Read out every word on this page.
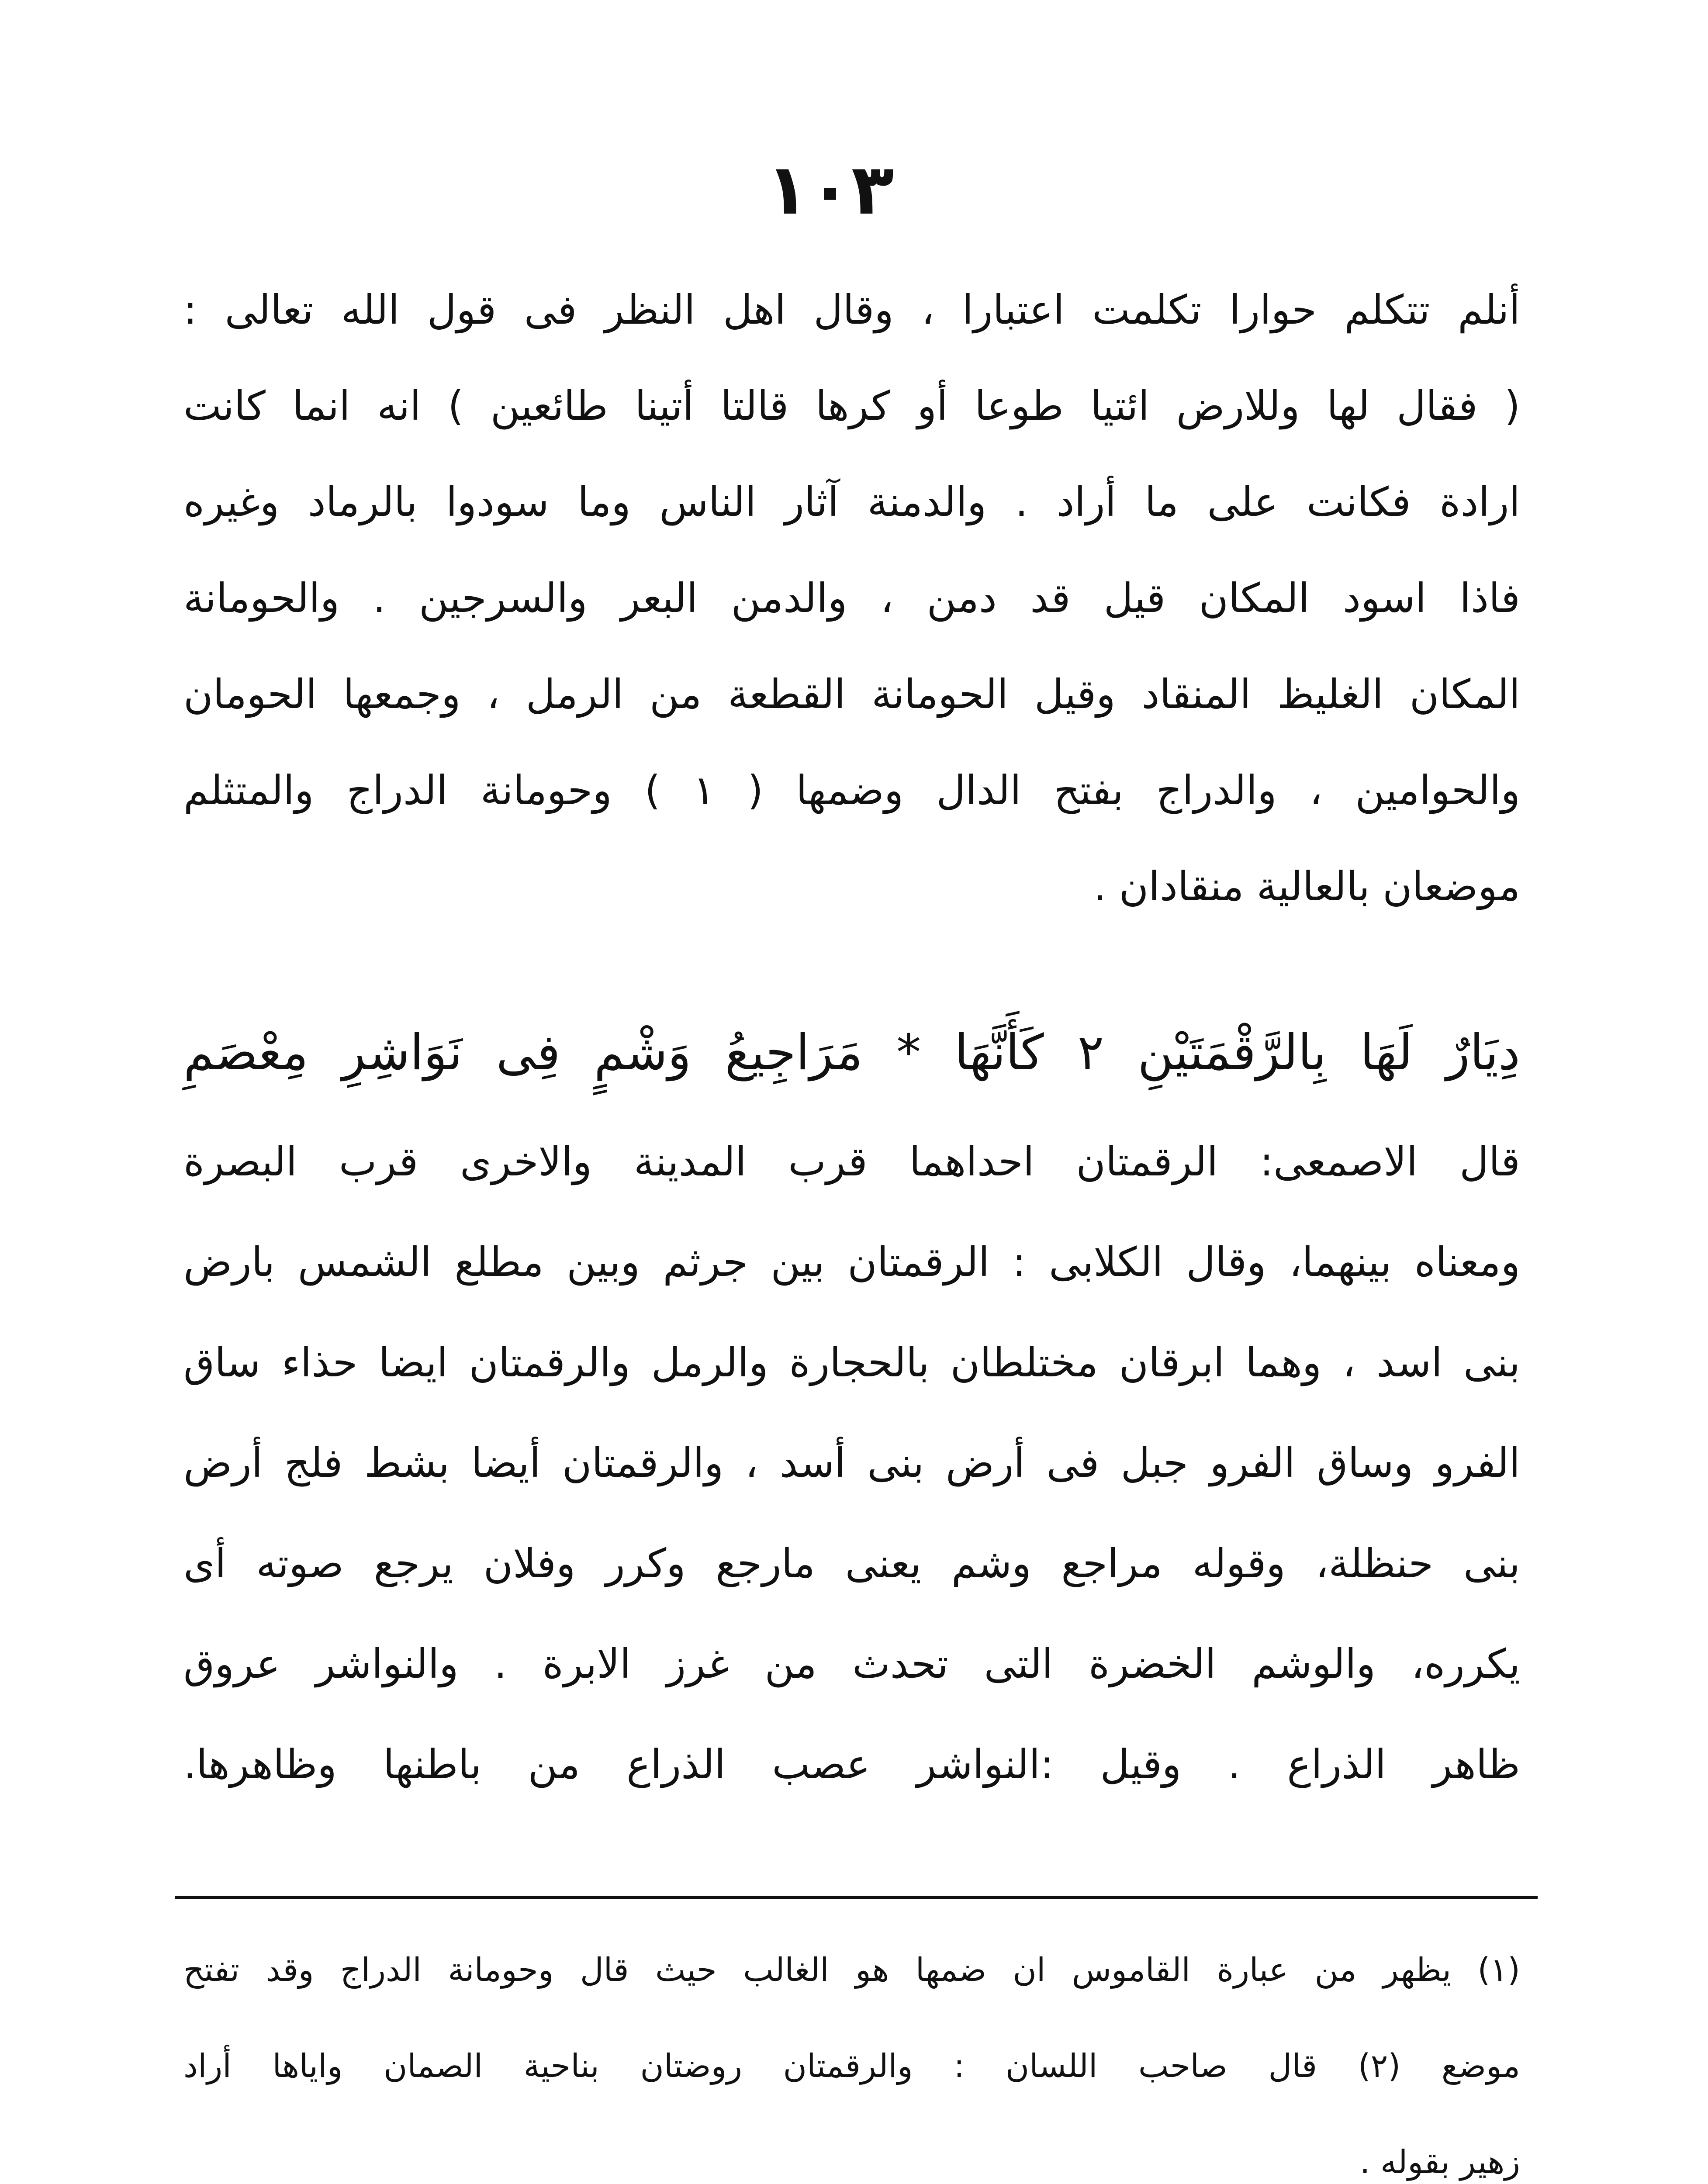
١٠٣
أنلم تتكلم حوارا تكلمت اعتبارا ، وقال اهل النظر فى قول الله تعالى :
( فقال لها وللارض ائتيا طوعا أو كرها قالتا أتينا طائعين ) انه انما كانت
ارادة فكانت على ما أراد . والدمنة آثار الناس وما سودوا بالرماد وغيره
فاذا اسود المكان قيل قد دمن ، والدمن البعر والسرجين . والحومانة
المكان الغليظ المنقاد وقيل الحومانة القطعة من الرمل ، وجمعها الحومان
والحوامين ، والدراج بفتح الدال وضمها ( ١ ) وحومانة الدراج والمتثلم
موضعان بالعالية منقادان .
دِيَارٌ لَهَا بِالرَّقْمَتَيْنِ ٢ كَأَنَّهَا * مَرَاجِيعُ وَشْمٍ فِى نَوَاشِرِ مِعْصَمِ
قال الاصمعى: الرقمتان احداهما قرب المدينة والاخرى قرب البصرة
ومعناه بينهما، وقال الكلابى : الرقمتان بين جرثم وبين مطلع الشمس بارض
بنى اسد ، وهما ابرقان مختلطان بالحجارة والرمل والرقمتان ايضا حذاء ساق
الفرو وساق الفرو جبل فى أرض بنى أسد ، والرقمتان أيضا بشط فلج أرض
بنى حنظلة، وقوله مراجع وشم يعنى مارجع وكرر وفلان يرجع صوته أى
يكرره، والوشم الخضرة التى تحدث من غرز الابرة . والنواشر عروق
ظاهر الذراع . وقيل :النواشر عصب الذراع من باطنها وظاهرها.
(١) يظهر من عبارة القاموس ان ضمها هو الغالب حيث قال وحومانة الدراج وقد تفتح
موضع (٢) قال صاحب اللسان : والرقمتان روضتان بناحية الصمان واياها أراد
زهير بقوله .
